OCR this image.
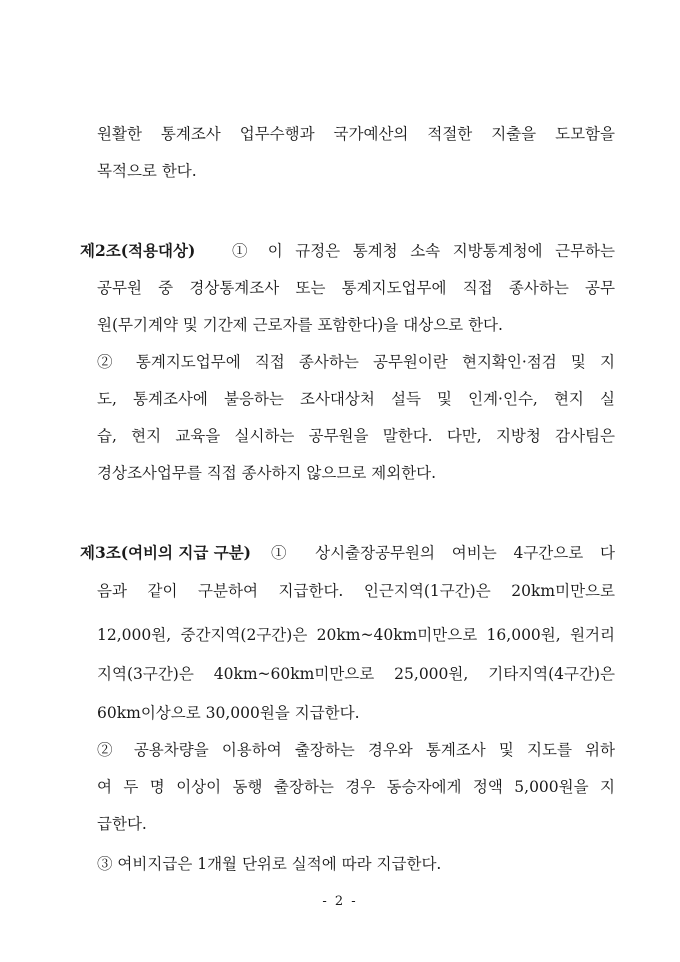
원활한 통계조사 업무수행과 국가예산의 적절한 지출을 도모함을
목적으로 한다.
제2조(적용대상) ① 이 규정은 통계청 소속 지방통계청에 근무하는
공무원 중 경상통계조사 또는 통계지도업무에 직접 종사하는 공무
원(무기계약 및 기간제 근로자를 포함한다)을 대상으로 한다.
② 통계지도업무에 직접 종사하는 공무원이란 현지확인·점검 및 지
도, 통계조사에 불응하는 조사대상처 설득 및 인계·인수, 현지 실
습, 현지 교육을 실시하는 공무원을 말한다. 다만, 지방청 감사팀은
경상조사업무를 직접 종사하지 않으므로 제외한다.
제3조(여비의 지급 구분) ① 상시출장공무원의 여비는 4구간으로 다
음과 같이 구분하여 지급한다. 인근지역(1구간)은 20km미만으로
12,000원, 중간지역(2구간)은 20km~40km미만으로 16,000원, 원거리
지역(3구간)은 40km~60km미만으로 25,000원, 기타지역(4구간)은
60km이상으로 30,000원을 지급한다.
② 공용차량을 이용하여 출장하는 경우와 통계조사 및 지도를 위하
여 두 명 이상이 동행 출장하는 경우 동승자에게 정액 5,000원을 지
급한다.
③ 여비지급은 1개월 단위로 실적에 따라 지급한다.
- 2 -
